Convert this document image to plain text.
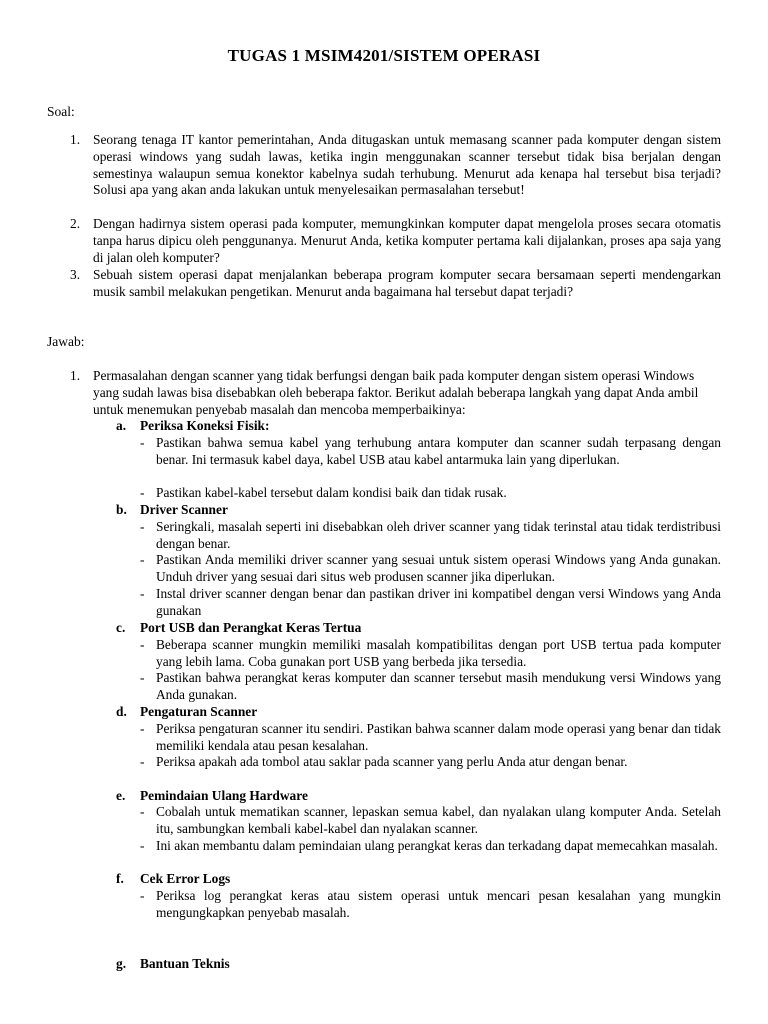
TUGAS 1 MSIM4201/SISTEM OPERASI
Soal:
1. Seorang tenaga IT kantor pemerintahan, Anda ditugaskan untuk memasang scanner pada komputer dengan sistem operasi windows yang sudah lawas, ketika ingin menggunakan scanner tersebut tidak bisa berjalan dengan semestinya walaupun semua konektor kabelnya sudah terhubung. Menurut ada kenapa hal tersebut bisa terjadi? Solusi apa yang akan anda lakukan untuk menyelesaikan permasalahan tersebut!
2. Dengan hadirnya sistem operasi pada komputer, memungkinkan komputer dapat mengelola proses secara otomatis tanpa harus dipicu oleh penggunanya. Menurut Anda, ketika komputer pertama kali dijalankan, proses apa saja yang di jalan oleh komputer?
3. Sebuah sistem operasi dapat menjalankan beberapa program komputer secara bersamaan seperti mendengarkan musik sambil melakukan pengetikan. Menurut anda bagaimana hal tersebut dapat terjadi?
Jawab:
1. Permasalahan dengan scanner yang tidak berfungsi dengan baik pada komputer dengan sistem operasi Windows yang sudah lawas bisa disebabkan oleh beberapa faktor. Berikut adalah beberapa langkah yang dapat Anda ambil untuk menemukan penyebab masalah dan mencoba memperbaikinya:
a. Periksa Koneksi Fisik:
- Pastikan bahwa semua kabel yang terhubung antara komputer dan scanner sudah terpasang dengan benar. Ini termasuk kabel daya, kabel USB atau kabel antarmuka lain yang diperlukan.
- Pastikan kabel-kabel tersebut dalam kondisi baik dan tidak rusak.
b. Driver Scanner
- Seringkali, masalah seperti ini disebabkan oleh driver scanner yang tidak terinstal atau tidak terdistribusi dengan benar.
- Pastikan Anda memiliki driver scanner yang sesuai untuk sistem operasi Windows yang Anda gunakan. Unduh driver yang sesuai dari situs web produsen scanner jika diperlukan.
- Instal driver scanner dengan benar dan pastikan driver ini kompatibel dengan versi Windows yang Anda gunakan
c. Port USB dan Perangkat Keras Tertua
- Beberapa scanner mungkin memiliki masalah kompatibilitas dengan port USB tertua pada komputer yang lebih lama. Coba gunakan port USB yang berbeda jika tersedia.
- Pastikan bahwa perangkat keras komputer dan scanner tersebut masih mendukung versi Windows yang Anda gunakan.
d. Pengaturan Scanner
- Periksa pengaturan scanner itu sendiri. Pastikan bahwa scanner dalam mode operasi yang benar dan tidak memiliki kendala atau pesan kesalahan.
- Periksa apakah ada tombol atau saklar pada scanner yang perlu Anda atur dengan benar.
e. Pemindaian Ulang Hardware
- Cobalah untuk mematikan scanner, lepaskan semua kabel, dan nyalakan ulang komputer Anda. Setelah itu, sambungkan kembali kabel-kabel dan nyalakan scanner.
- Ini akan membantu dalam pemindaian ulang perangkat keras dan terkadang dapat memecahkan masalah.
f. Cek Error Logs
- Periksa log perangkat keras atau sistem operasi untuk mencari pesan kesalahan yang mungkin mengungkapkan penyebab masalah.
g. Bantuan Teknis
